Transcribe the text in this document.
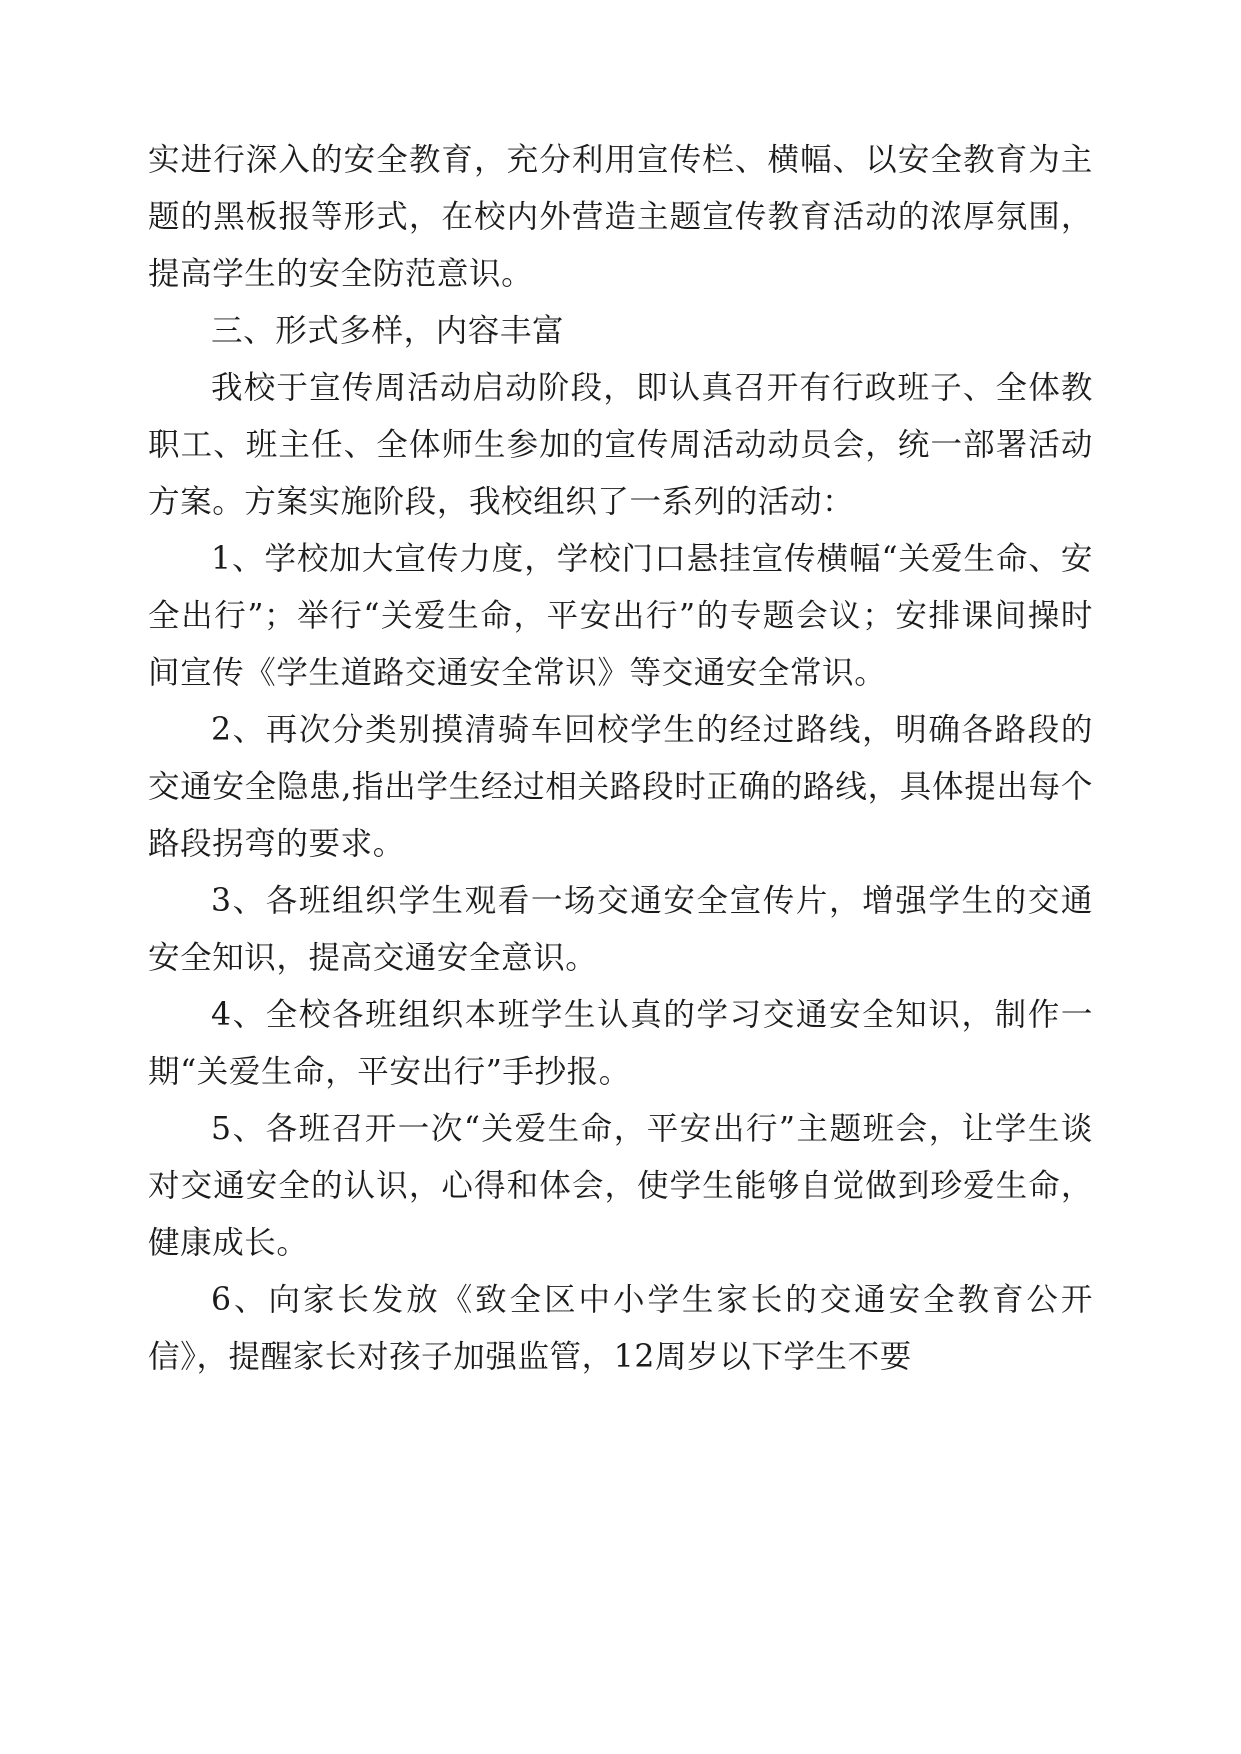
实进行深入的安全教育，充分利用宣传栏、横幅、以安全教育为主题的黑板报等形式，在校内外营造主题宣传教育活动的浓厚氛围，提高学生的安全防范意识。

三、形式多样，内容丰富

我校于宣传周活动启动阶段，即认真召开有行政班子、全体教职工、班主任、全体师生参加的宣传周活动动员会，统一部署活动方案。方案实施阶段，我校组织了一系列的活动：

1、学校加大宣传力度，学校门口悬挂宣传横幅“关爱生命、安全出行”；举行“关爱生命，平安出行”的专题会议；安排课间操时间宣传《学生道路交通安全常识》等交通安全常识。

2、再次分类别摸清骑车回校学生的经过路线，明确各路段的交通安全隐患,指出学生经过相关路段时正确的路线，具体提出每个路段拐弯的要求。

3、各班组织学生观看一场交通安全宣传片，增强学生的交通安全知识，提高交通安全意识。

4、全校各班组织本班学生认真的学习交通安全知识，制作一期“关爱生命，平安出行”手抄报。

5、各班召开一次“关爱生命，平安出行”主题班会，让学生谈对交通安全的认识，心得和体会，使学生能够自觉做到珍爱生命，健康成长。

6、向家长发放《致全区中小学生家长的交通安全教育公开信》，提醒家长对孩子加强监管，12周岁以下学生不要
